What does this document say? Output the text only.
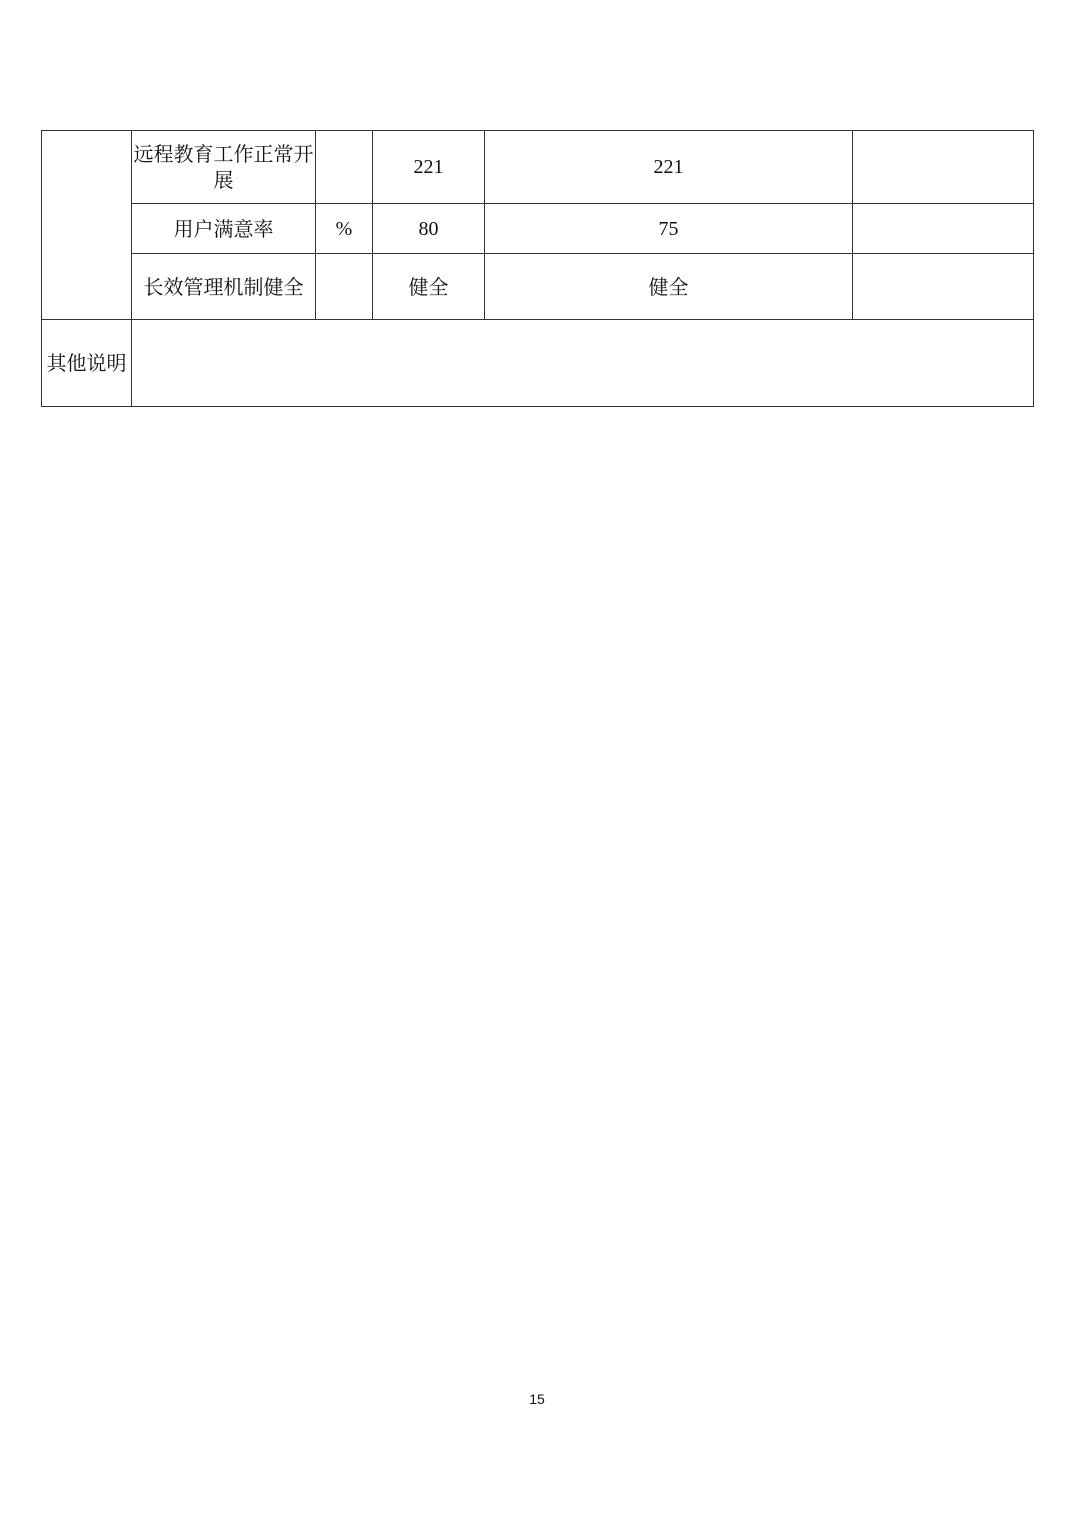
	远程教育工作正常开展		221	221	
	用户满意率	%	80	75	
	长效管理机制健全		健全	健全	
其他说明					
15
